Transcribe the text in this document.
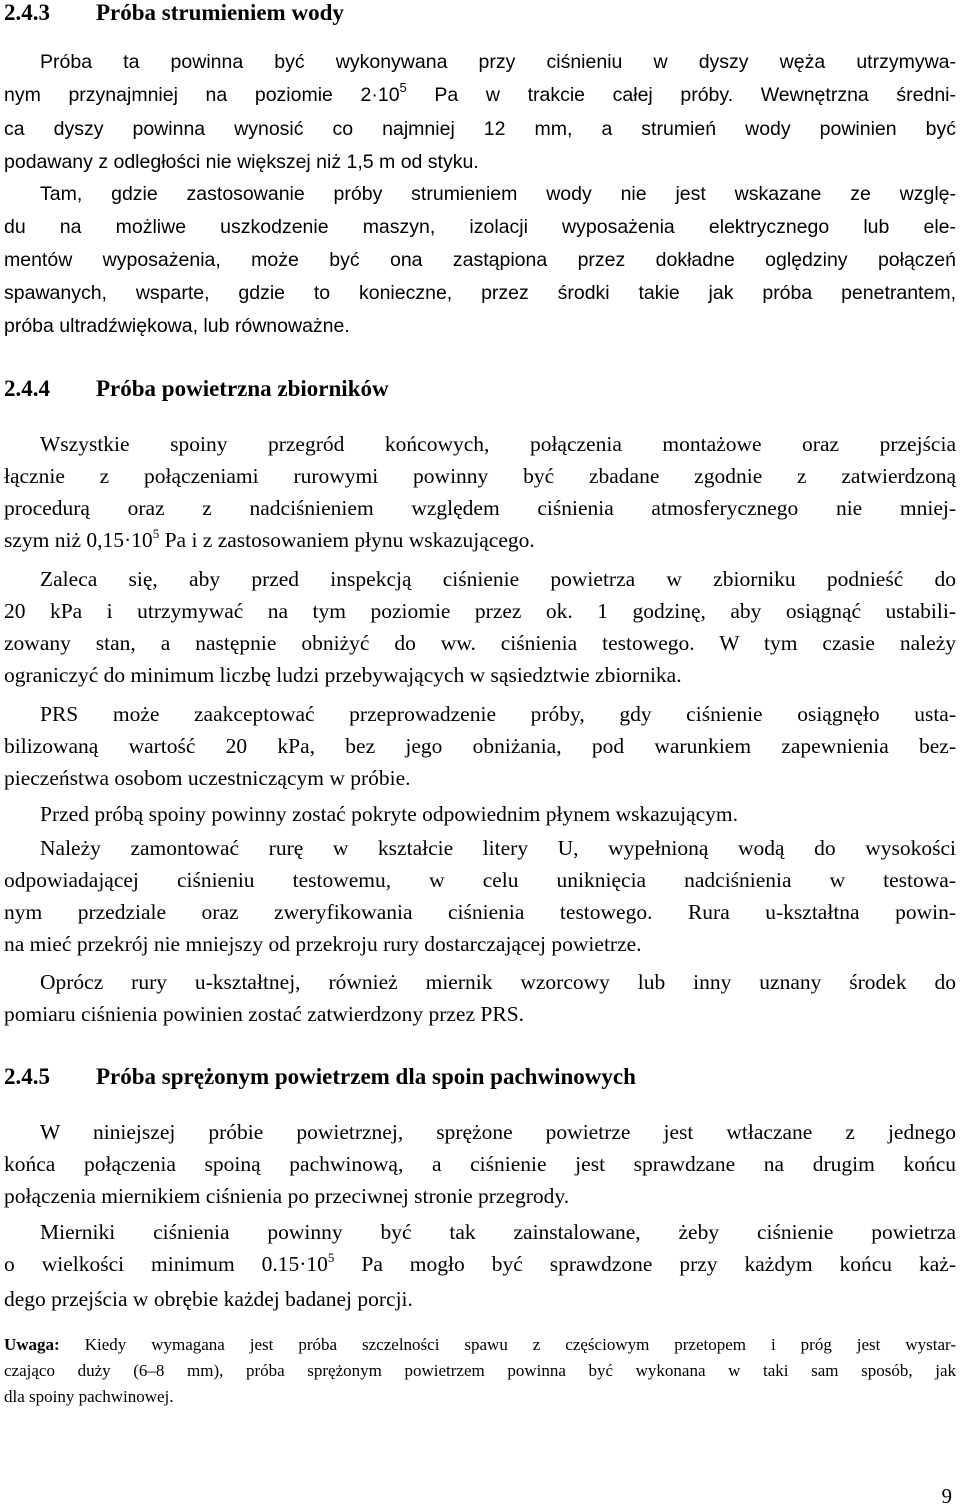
2.4.3 Próba strumieniem wody

Próba ta powinna być wykonywana przy ciśnieniu w dyszy węża utrzymywa-
nym przynajmniej na poziomie $2\cdot 10^5$ Pa w trakcie całej próby. Wewnętrzna średni-
ca dyszy powinna wynosić co najmniej 12 mm, a strumień wody powinien być
podawany z odległości nie większej niż 1,5 m od styku.

Tam, gdzie zastosowanie próby strumieniem wody nie jest wskazane ze wzglę-
du na możliwe uszkodzenie maszyn, izolacji wyposażenia elektrycznego lub ele-
mentów wyposażenia, może być ona zastąpiona przez dokładne oględziny połączeń
spawanych, wsparte, gdzie to konieczne, przez środki takie jak próba penetrantem,
próba ultradźwiękowa, lub równoważne.

2.4.4 Próba powietrzna zbiorników

Wszystkie spoiny przegród końcowych, połączenia montażowe oraz przejścia
łącznie z połączeniami rurowymi powinny być zbadane zgodnie z zatwierdzoną
procedurą oraz z nadciśnieniem względem ciśnienia atmosferycznego nie mniej-
szym niż $0,15\cdot 10^5$ Pa i z zastosowaniem płynu wskazującego.

Zaleca się, aby przed inspekcją ciśnienie powietrza w zbiorniku podnieść do
20 kPa i utrzymywać na tym poziomie przez ok. 1 godzinę, aby osiągnąć ustabili-
zowany stan, a następnie obniżyć do ww. ciśnienia testowego. W tym czasie należy
ograniczyć do minimum liczbę ludzi przebywających w sąsiedztwie zbiornika.

PRS może zaakceptować przeprowadzenie próby, gdy ciśnienie osiągnęło usta-
bilizowaną wartość 20 kPa, bez jego obniżania, pod warunkiem zapewnienia bez-
pieczeństwa osobom uczestniczącym w próbie.

Przed próbą spoiny powinny zostać pokryte odpowiednim płynem wskazującym.

Należy zamontować rurę w kształcie litery U, wypełnioną wodą do wysokości
odpowiadającej ciśnieniu testowemu, w celu uniknięcia nadciśnienia w testowa-
nym przedziale oraz zweryfikowania ciśnienia testowego. Rura u-kształtna powin-
na mieć przekrój nie mniejszy od przekroju rury dostarczającej powietrze.

Oprócz rury u-kształtnej, również miernik wzorcowy lub inny uznany środek do
pomiaru ciśnienia powinien zostać zatwierdzony przez PRS.

2.4.5 Próba sprężonym powietrzem dla spoin pachwinowych

W niniejszej próbie powietrznej, sprężone powietrze jest wtłaczane z jednego
końca połączenia spoiną pachwinową, a ciśnienie jest sprawdzane na drugim końcu
połączenia miernikiem ciśnienia po przeciwnej stronie przegrody.

Mierniki ciśnienia powinny być tak zainstalowane, żeby ciśnienie powietrza
o wielkości minimum $0.15\cdot 10^5$ Pa mogło być sprawdzone przy każdym końcu każ-
dego przejścia w obrębie każdej badanej porcji.

Uwaga: Kiedy wymagana jest próba szczelności spawu z częściowym przetopem i próg jest wystar-
czająco duży (6–8 mm), próba sprężonym powietrzem powinna być wykonana w taki sam sposób, jak
dla spoiny pachwinowej.

9
